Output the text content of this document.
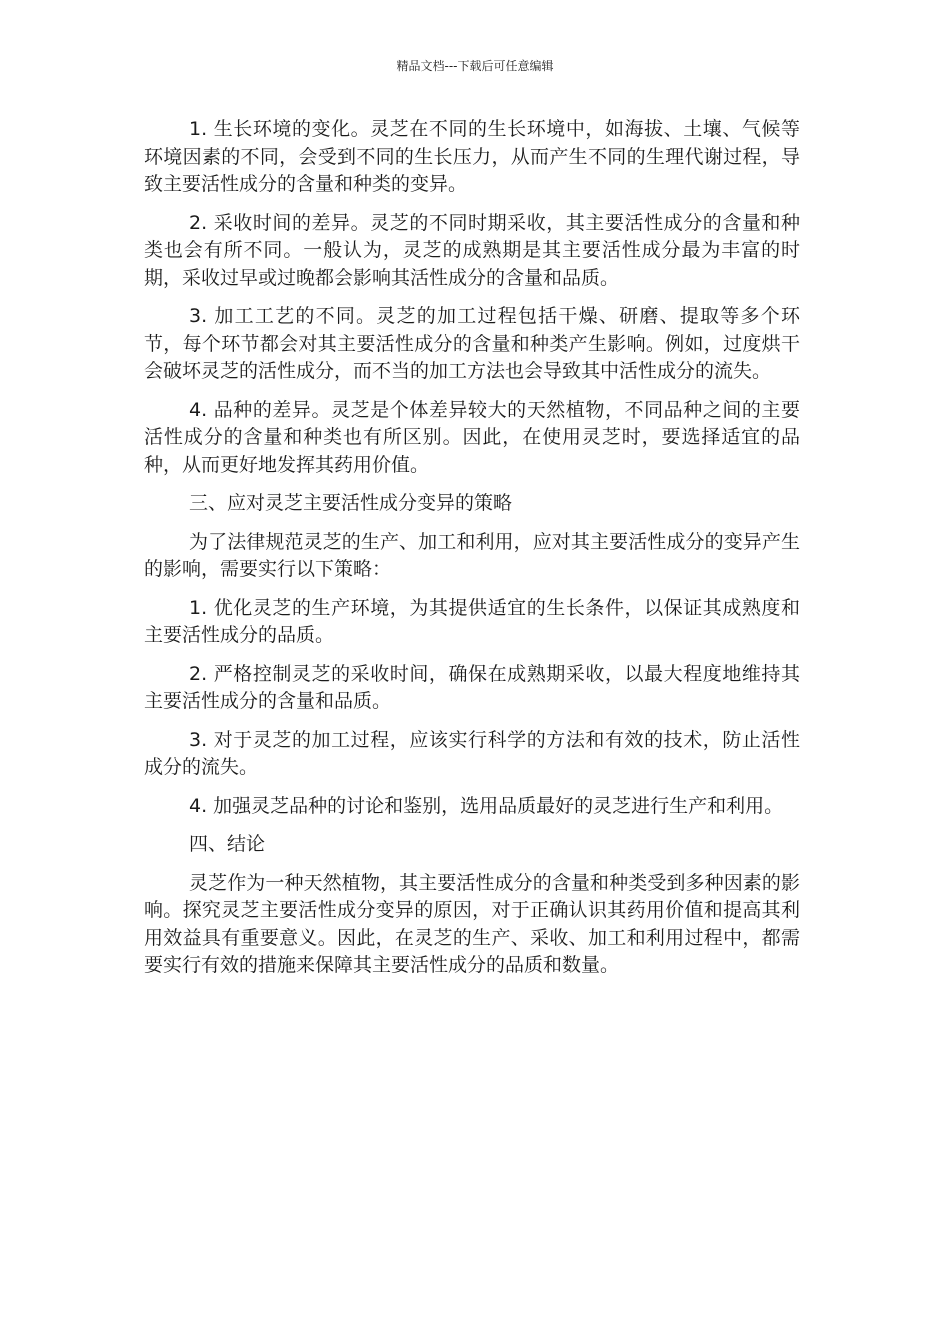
精品文档---下载后可任意编辑

1. 生长环境的变化。灵芝在不同的生长环境中，如海拔、土壤、气候等环境因素的不同，会受到不同的生长压力，从而产生不同的生理代谢过程，导致主要活性成分的含量和种类的变异。

2. 采收时间的差异。灵芝的不同时期采收，其主要活性成分的含量和种类也会有所不同。一般认为，灵芝的成熟期是其主要活性成分最为丰富的时期，采收过早或过晚都会影响其活性成分的含量和品质。

3. 加工工艺的不同。灵芝的加工过程包括干燥、研磨、提取等多个环节，每个环节都会对其主要活性成分的含量和种类产生影响。例如，过度烘干会破坏灵芝的活性成分，而不当的加工方法也会导致其中活性成分的流失。

4. 品种的差异。灵芝是个体差异较大的天然植物，不同品种之间的主要活性成分的含量和种类也有所区别。因此，在使用灵芝时，要选择适宜的品种，从而更好地发挥其药用价值。

三、应对灵芝主要活性成分变异的策略

为了法律规范灵芝的生产、加工和利用，应对其主要活性成分的变异产生的影响，需要实行以下策略：

1. 优化灵芝的生产环境，为其提供适宜的生长条件，以保证其成熟度和主要活性成分的品质。

2. 严格控制灵芝的采收时间，确保在成熟期采收，以最大程度地维持其主要活性成分的含量和品质。

3. 对于灵芝的加工过程，应该实行科学的方法和有效的技术，防止活性成分的流失。

4. 加强灵芝品种的讨论和鉴别，选用品质最好的灵芝进行生产和利用。

四、结论

灵芝作为一种天然植物，其主要活性成分的含量和种类受到多种因素的影响。探究灵芝主要活性成分变异的原因，对于正确认识其药用价值和提高其利用效益具有重要意义。因此，在灵芝的生产、采收、加工和利用过程中，都需要实行有效的措施来保障其主要活性成分的品质和数量。
